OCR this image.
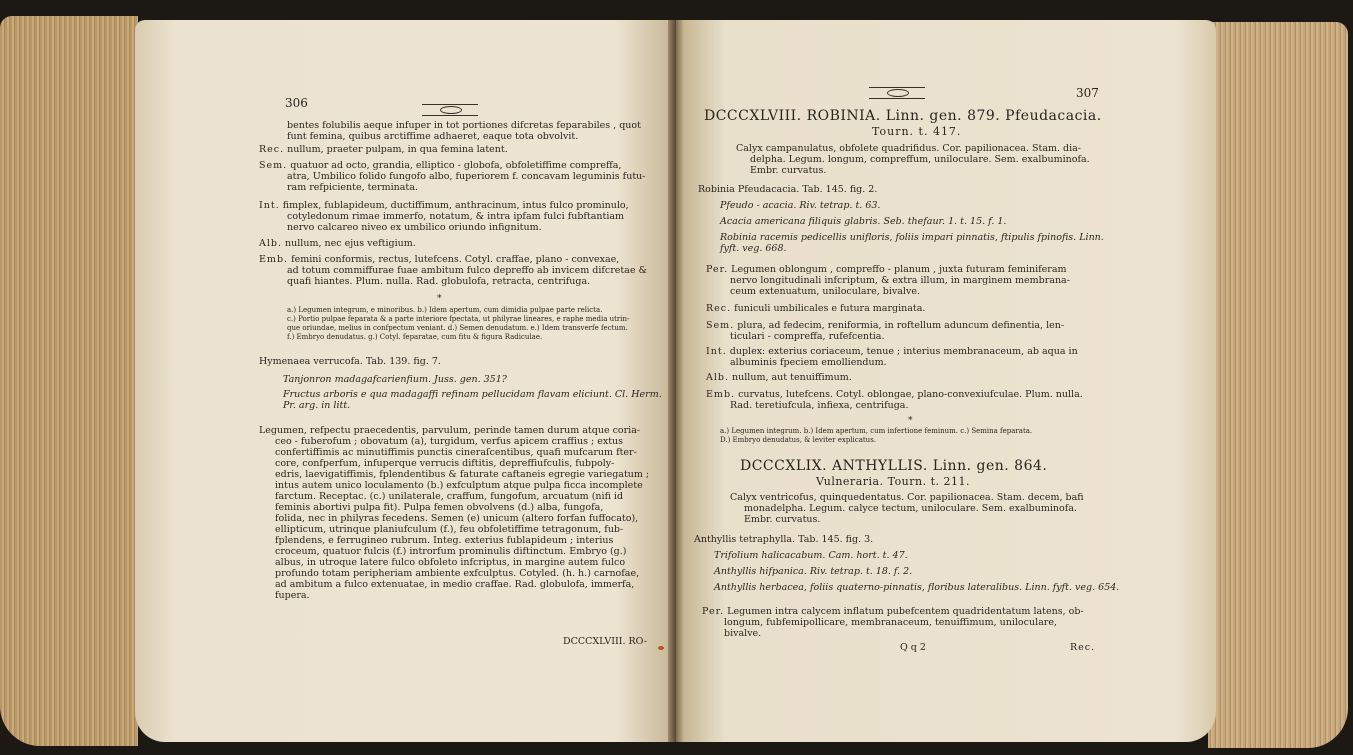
306
bentes folubilis aeque infuper in tot portiones difcretas feparabiles , quot
funt femina, quibus arctiffime adhaeret, eaque tota obvolvit.
Rec. nullum, praeter pulpam, in qua femina latent.
Sem. quatuor ad octo, grandia, elliptico - globofa, obfoletiffime compreffa,
atra, Umbilico folido fungofo albo, fuperiorem f. concavam leguminis futu-
ram refpiciente, terminata.
Int. fimplex, fublapideum, ductiffimum, anthracinum, intus fulco prominulo,
cotyledonum rimae immerfo, notatum, & intra ipfam fulci fubftantiam
nervo calcareo niveo ex umbilico oriundo infignitum.
Alb. nullum, nec ejus veftigium.
Emb. femini conformis, rectus, lutefcens. Cotyl. craffae, plano - convexae,
ad totum commiffurae fuae ambitum fulco depreffo ab invicem difcretae &
quafi hiantes. Plum. nulla. Rad. globulofa, retracta, centrifuga.
*
a.) Legumen integrum, e minoribus. b.) Idem apertum, cum dimidia pulpae parte relicta.
c.) Portio pulpae feparata & a parte interiore fpectata, ut philyrae lineares, e raphe media utrin-
que oriundae, melius in confpectum veniant. d.) Semen denudatum. e.) Idem transverfe fectum.
f.) Embryo denudatus. g.) Cotyl. feparatae, cum fitu & figura Radiculae.
Hymenaea verrucofa. Tab. 139. fig. 7.
Tanjonron madagafcarienfium. Juss. gen. 351?
Fructus arboris e qua madagaffi refinam pellucidam flavam eliciunt. Cl. Herm.
Pr. arg. in litt.
Legumen, refpectu praecedentis, parvulum, perinde tamen durum atque coria-
ceo - fuberofum ; obovatum (a), turgidum, verfus apicem craffius ; extus
confertiffimis ac minutiffimis punctis cineraſcentibus, quafi mufcarum fter-
core, confperfum, infuperque verrucis diftitis, depreffiufculis, fubpoly-
edris, laevigatiffimis, fplendentibus & faturate caftaneis egregie variegatum ;
intus autem unico loculamento (b.) exfculptum atque pulpa ficca incomplete
farctum. Receptac. (c.) unilaterale, craffum, fungofum, arcuatum (nifi id
feminis abortivi pulpa fit). Pulpa femen obvolvens (d.) alba, fungofa,
folida, nec in philyras fecedens. Semen (e) unicum (altero forfan fuffocato),
ellipticum, utrinque planiufculum (f.), feu obfoletiffime tetragonum, fub-
fplendens, e ferrugineo rubrum. Integ. exterius fublapideum ; interius
croceum, quatuor fulcis (f.) introrfum prominulis diftinctum. Embryo (g.)
albus, in utroque latere fulco obfoleto infcriptus, in margine autem fulco
profundo totam peripheriam ambiente exfculptus. Cotyled. (h. h.) carnofae,
ad ambitum a fulco extenuatae, in medio craffae. Rad. globulofa, immerfa,
fupera.
DCCCXLVIII. RO-
307
DCCCXLVIII. ROBINIA. Linn. gen. 879. Pfeudacacia.
Tourn. t. 417.
Calyx campanulatus, obfolete quadrifidus. Cor. papilionacea. Stam. dia-
delpha. Legum. longum, compreffum, uniloculare. Sem. exalbuminofa.
Embr. curvatus.
Robinia Pfeudacacia. Tab. 145. fig. 2.
Pfeudo - acacia. Riv. tetrap. t. 63.
Acacia americana filiquis glabris. Seb. thefaur. 1. t. 15. f. 1.
Robinia racemis pedicellis unifloris, foliis impari pinnatis, ftipulis fpinofis. Linn.
fyft. veg. 668.
Per. Legumen oblongum , compreffo - planum , juxta futuram feminiferam
nervo longitudinali infcriptum, & extra illum, in marginem membrana-
ceum extenuatum, uniloculare, bivalve.
Rec. funiculi umbilicales e futura marginata.
Sem. plura, ad fedecim, reniformia, in roftellum aduncum definentia, len-
ticulari - compreffa, rufefcentia.
Int. duplex: exterius coriaceum, tenue ; interius membranaceum, ab aqua in
albuminis fpeciem emolliendum.
Alb. nullum, aut tenuiffimum.
Emb. curvatus, lutefcens. Cotyl. oblongae, plano-convexiufculae. Plum. nulla.
Rad. teretiufcula, infiexa, centrifuga.
*
a.) Legumen integrum. b.) Idem apertum, cum infertione feminum. c.) Semina feparata.
D.) Embryo denudatus, & leviter explicatus.
DCCCXLIX. ANTHYLLIS. Linn. gen. 864.
Vulneraria. Tourn. t. 211.
Calyx ventricofus, quinquedentatus. Cor. papilionacea. Stam. decem, bafi
monadelpha. Legum. calyce tectum, uniloculare. Sem. exalbuminofa.
Embr. curvatus.
Anthyllis tetraphylla. Tab. 145. fig. 3.
Trifolium halicacabum. Cam. hort. t. 47.
Anthyllis hifpanica. Riv. tetrap. t. 18. f. 2.
Anthyllis herbacea, foliis quaterno-pinnatis, floribus lateralibus. Linn. fyft. veg. 654.
Per. Legumen intra calycem inflatum pubefcentem quadridentatum latens, ob-
longum, fubfemipollicare, membranaceum, tenuiffimum, uniloculare,
bivalve.
Q q 2	Rec.
